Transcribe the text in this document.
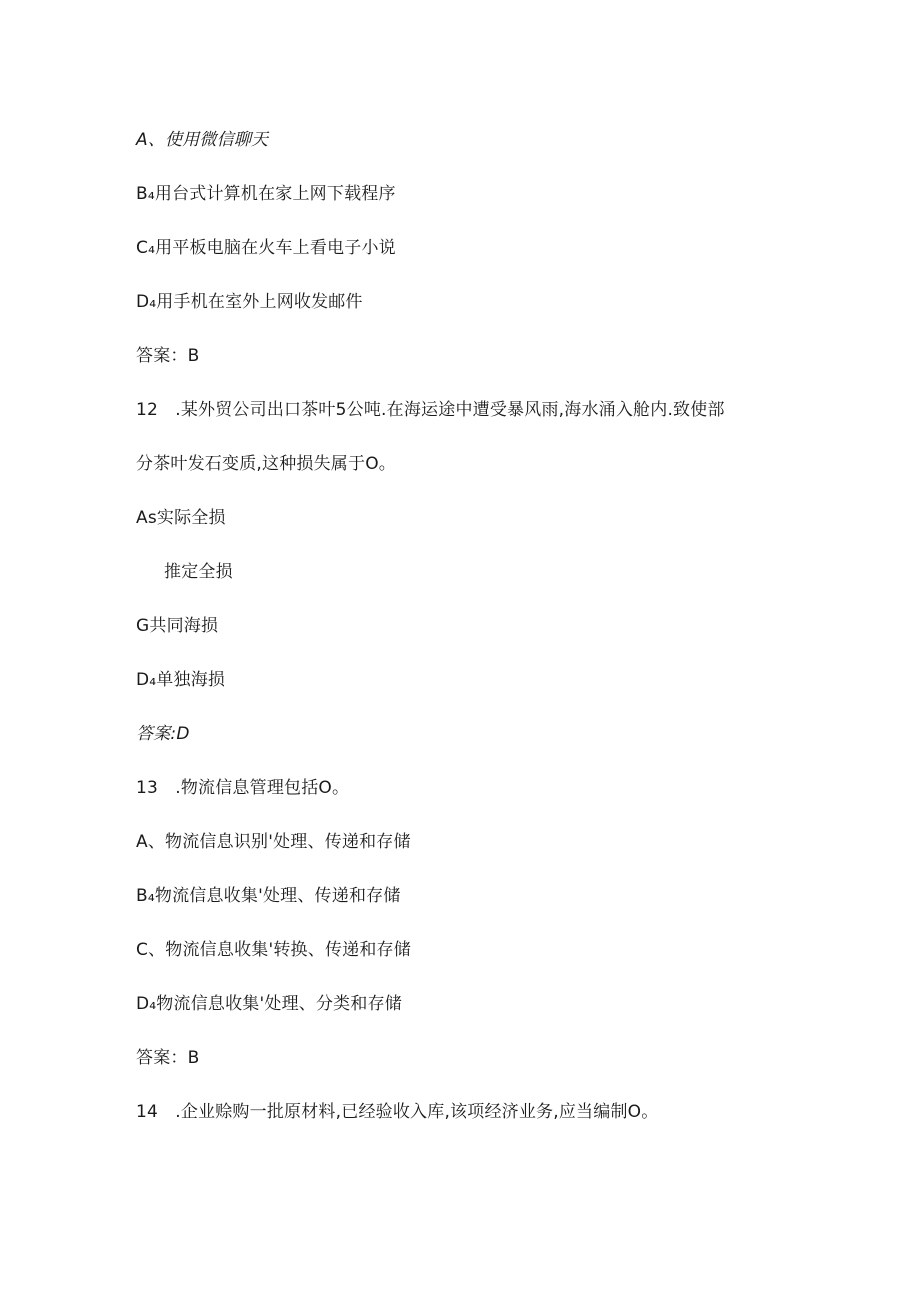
A、使用微信聊天
B₄用台式计算机在家上网下载程序
C₄用平板电脑在火车上看电子小说
D₄用手机在室外上网收发邮件
答案：B
12　.某外贸公司出口茶叶5公吨.在海运途中遭受暴风雨,海水涌入舱内.致使部
分茶叶发石变质,这种损失属于O。
As实际全损
推定全损
G共同海损
D₄单独海损
答案:D
13　.物流信息管理包括O。
A、物流信息识别'处理、传递和存储
B₄物流信息收集'处理、传递和存储
C、物流信息收集'转换、传递和存储
D₄物流信息收集'处理、分类和存储
答案：B
14　.企业赊购一批原材料,已经验收入库,该项经济业务,应当编制O。
